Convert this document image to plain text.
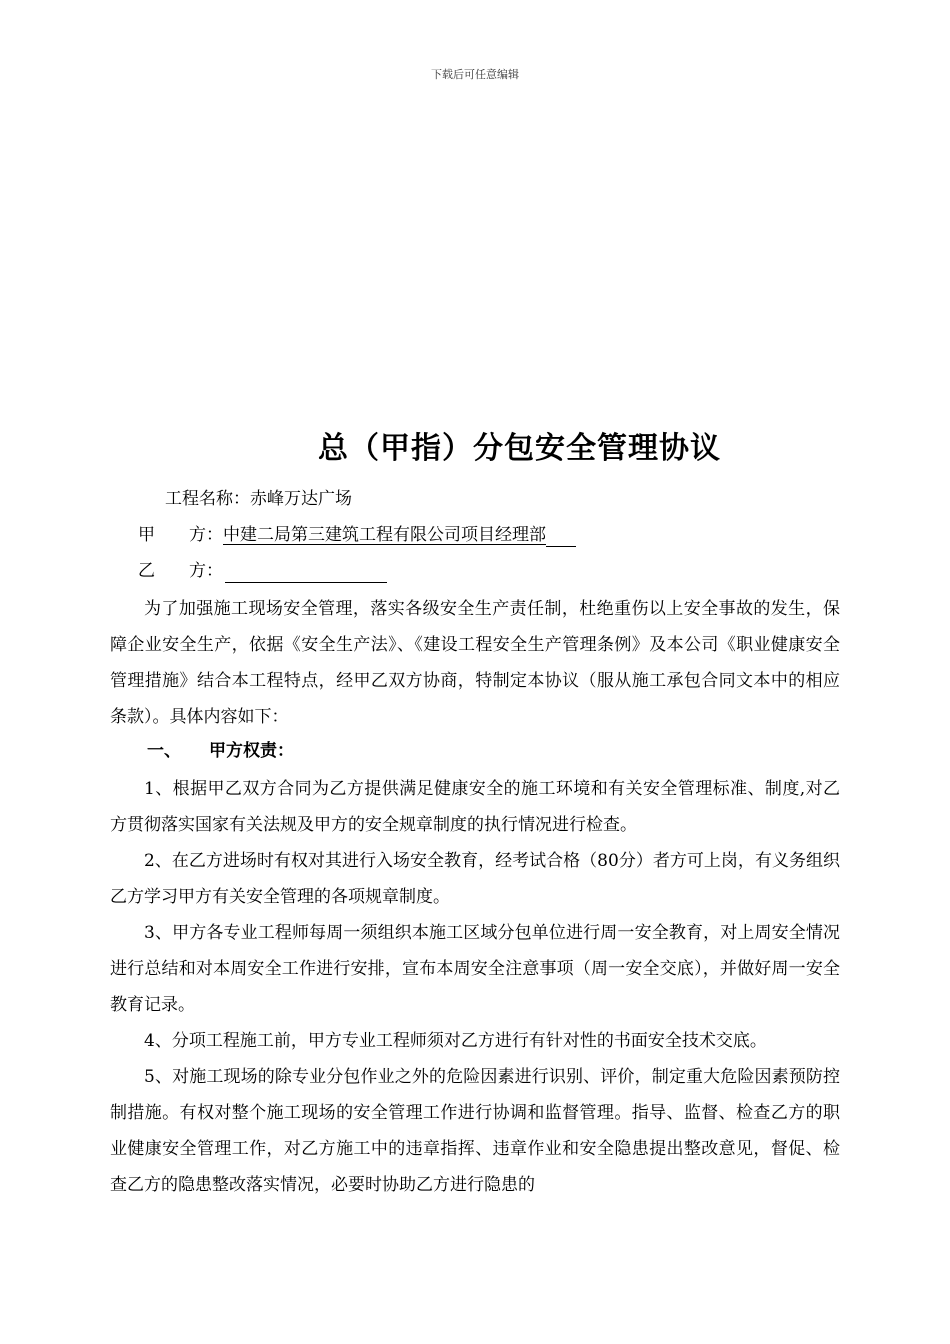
下载后可任意编辑
总（甲指）分包安全管理协议
工程名称：赤峰万达广场
甲　　方：中建二局第三建筑工程有限公司项目经理部
乙　　方：
为了加强施工现场安全管理，落实各级安全生产责任制，杜绝重伤以上安全事故的发生，保障企业安全生产，依据《安全生产法》、《建设工程安全生产管理条例》及本公司《职业健康安全管理措施》结合本工程特点，经甲乙双方协商，特制定本协议（服从施工承包合同文本中的相应条款）。具体内容如下：
一、 甲方权责：
1、根据甲乙双方合同为乙方提供满足健康安全的施工环境和有关安全管理标准、制度,对乙方贯彻落实国家有关法规及甲方的安全规章制度的执行情况进行检查。
2、在乙方进场时有权对其进行入场安全教育，经考试合格（80分）者方可上岗，有义务组织乙方学习甲方有关安全管理的各项规章制度。
3、甲方各专业工程师每周一须组织本施工区域分包单位进行周一安全教育，对上周安全情况进行总结和对本周安全工作进行安排，宣布本周安全注意事项（周一安全交底），并做好周一安全教育记录。
4、分项工程施工前，甲方专业工程师须对乙方进行有针对性的书面安全技术交底。
5、对施工现场的除专业分包作业之外的危险因素进行识别、评价，制定重大危险因素预防控制措施。有权对整个施工现场的安全管理工作进行协调和监督管理。指导、监督、检查乙方的职业健康安全管理工作，对乙方施工中的违章指挥、违章作业和安全隐患提出整改意见，督促、检查乙方的隐患整改落实情况，必要时协助乙方进行隐患的
